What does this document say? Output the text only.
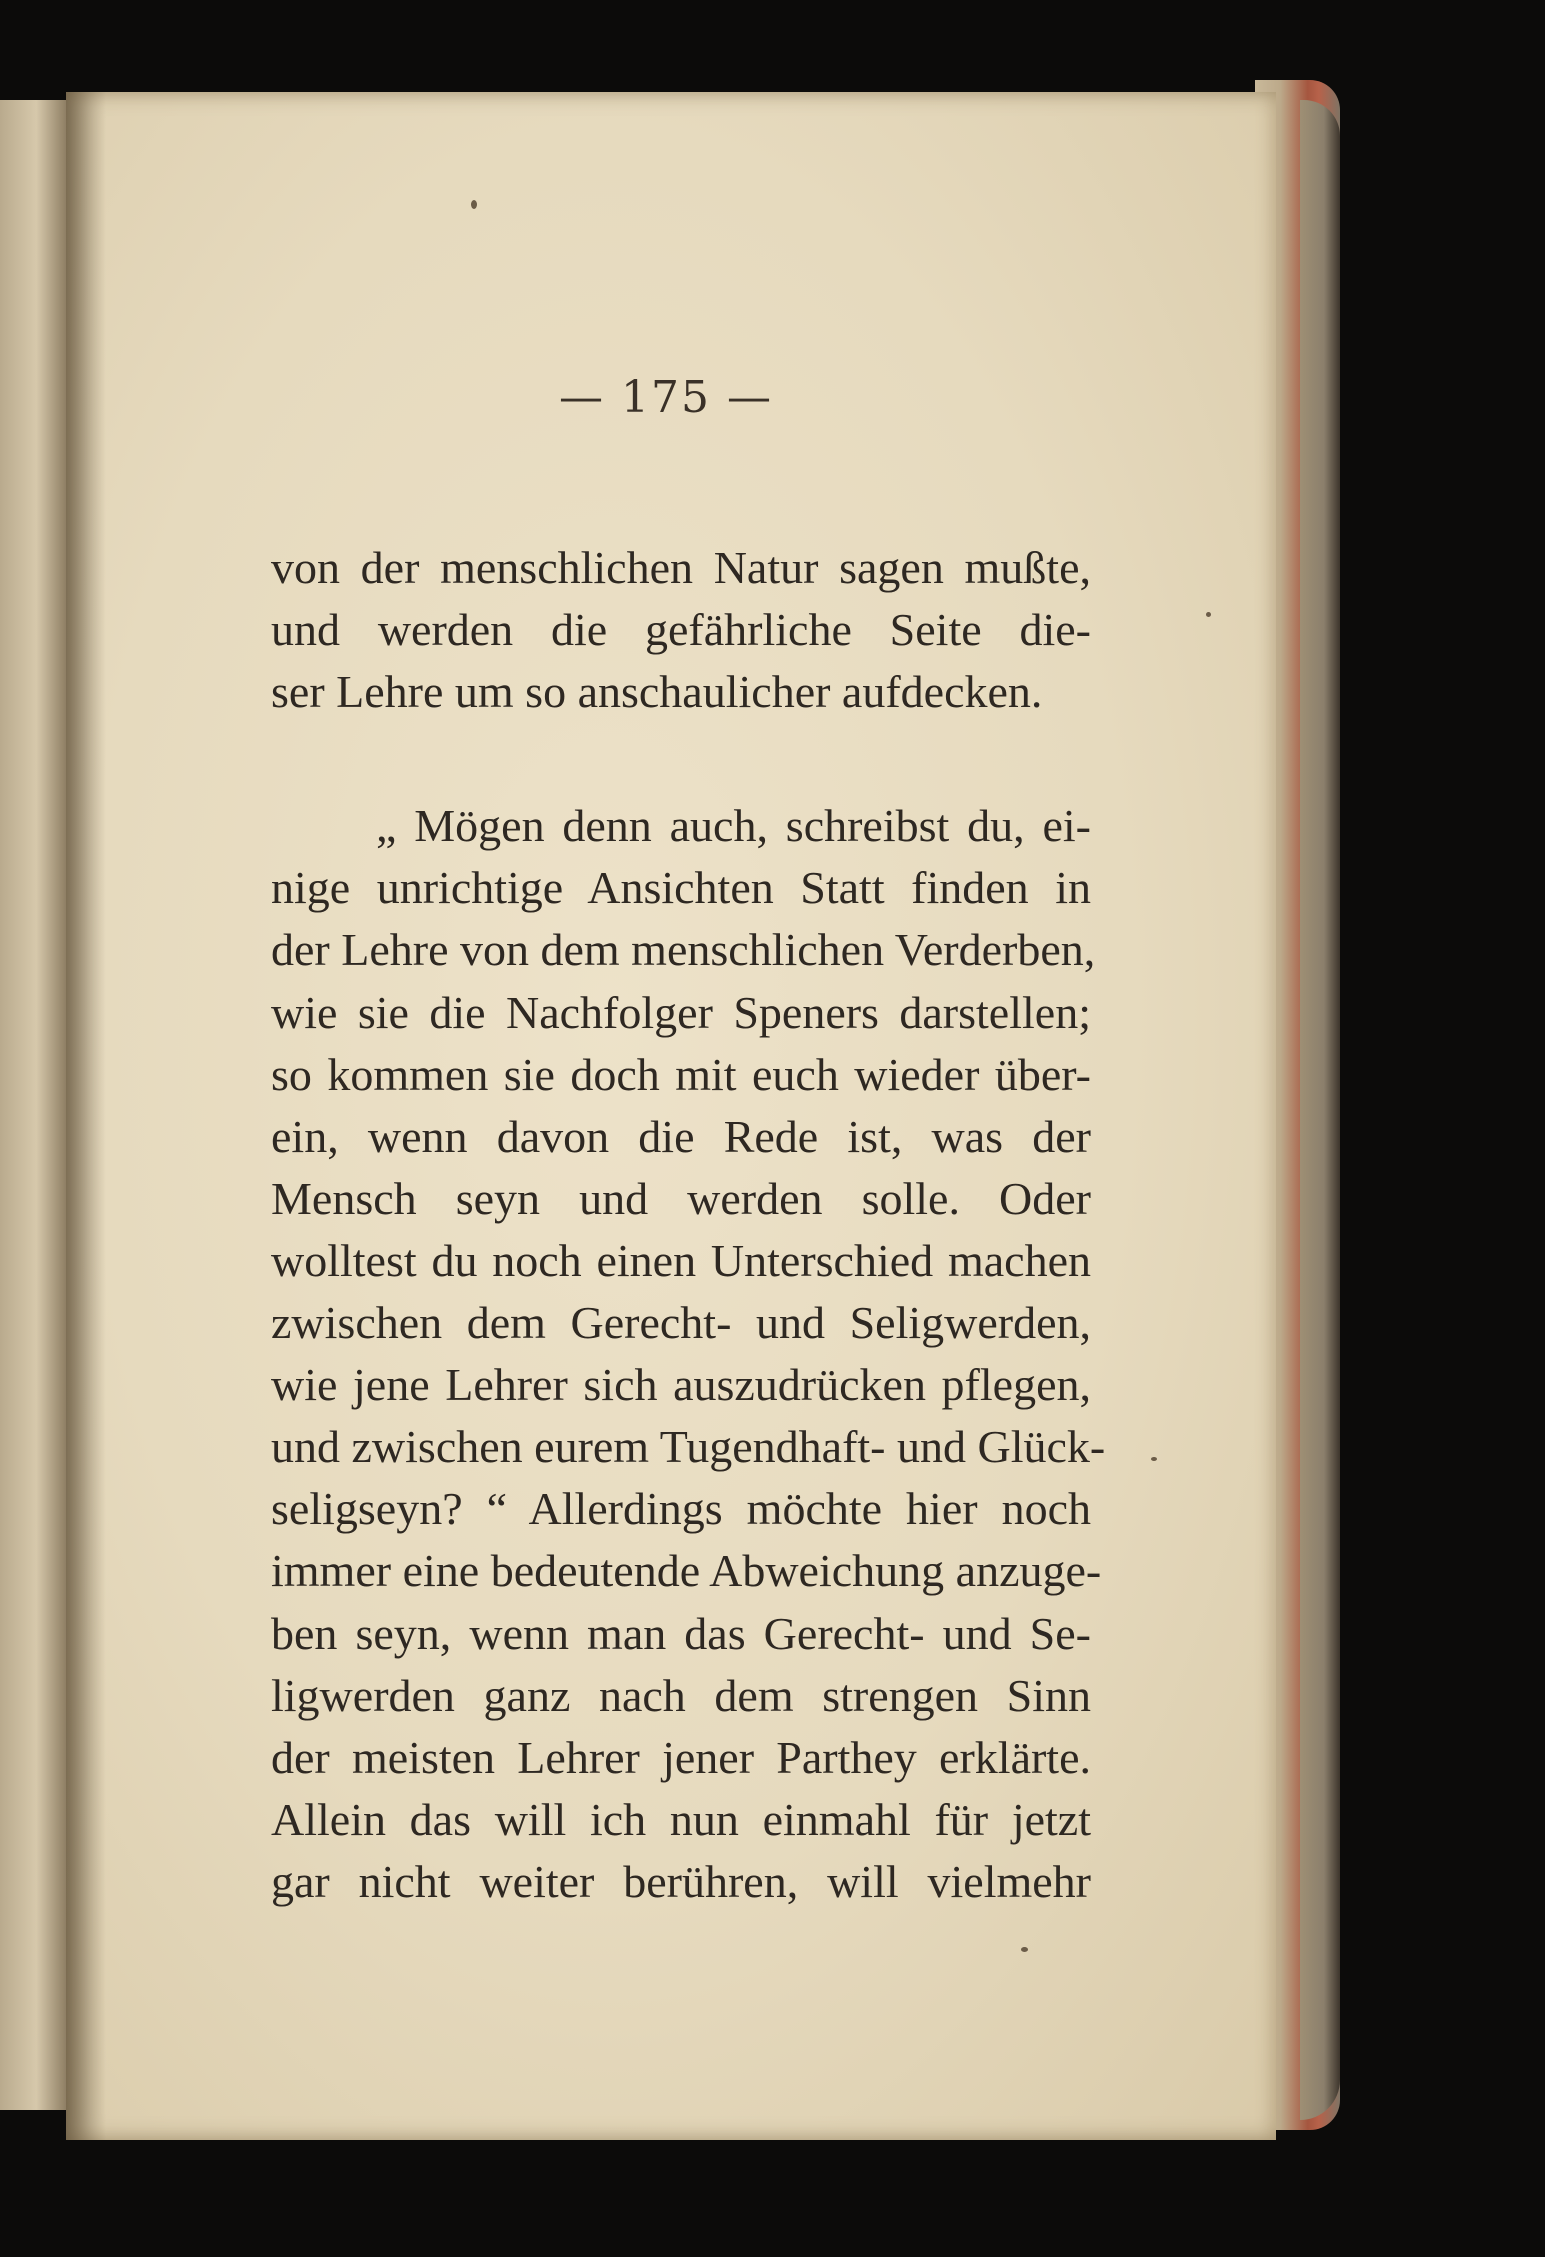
— 175 —
von der menschlichen Natur sagen mußte,
und werden die gefährliche Seite die-
ser Lehre um so anschaulicher aufdecken.
„ Mögen denn auch, schreibst du, ei-
nige unrichtige Ansichten Statt finden in
der Lehre von dem menschlichen Verderben,
wie sie die Nachfolger Speners darstellen;
so kommen sie doch mit euch wieder über-
ein, wenn davon die Rede ist, was der
Mensch seyn und werden solle. Oder
wolltest du noch einen Unterschied machen
zwischen dem Gerecht- und Seligwerden,
wie jene Lehrer sich auszudrücken pflegen,
und zwischen eurem Tugendhaft- und Glück-
seligseyn? “ Allerdings möchte hier noch
immer eine bedeutende Abweichung anzuge-
ben seyn, wenn man das Gerecht- und Se-
ligwerden ganz nach dem strengen Sinn
der meisten Lehrer jener Parthey erklärte.
Allein das will ich nun einmahl für jetzt
gar nicht weiter berühren, will vielmehr
